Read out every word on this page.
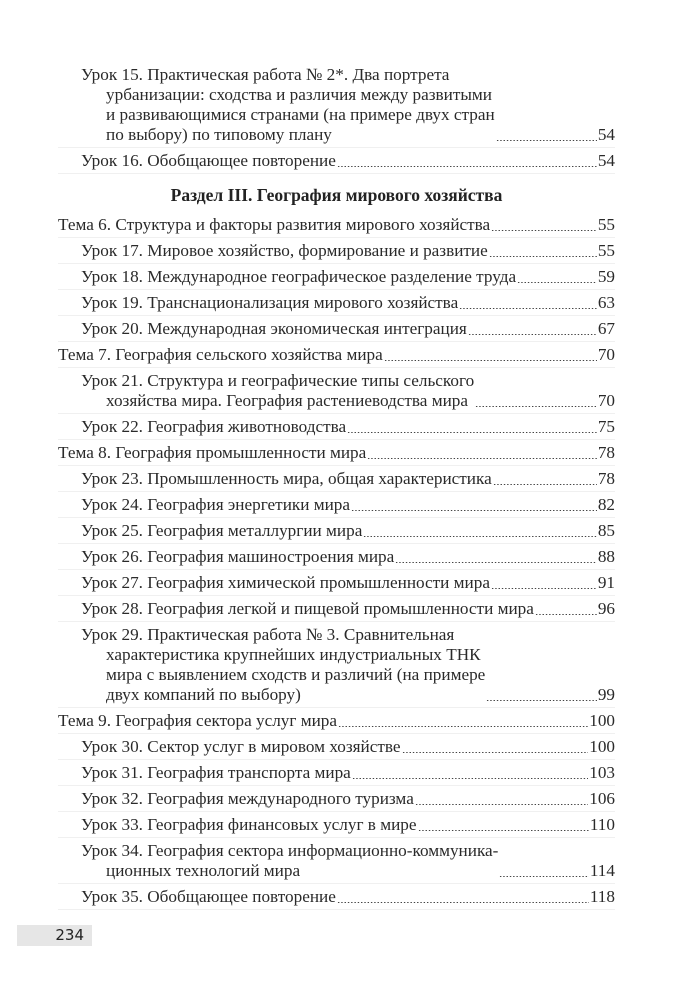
Урок 15. Практическая работа № 2*. Два портрета
урбанизации: сходства и различия между развитыми
и развивающимися странами (на примере двух стран
по выбору) по типовому плану	54
Урок 16. Обобщающее повторение	54
Раздел III. География мирового хозяйства
Тема 6. Структура и факторы развития мирового хозяйства	55
Урок 17. Мировое хозяйство, формирование и развитие	55
Урок 18. Международное географическое разделение труда	59
Урок 19. Транснационализация мирового хозяйства	63
Урок 20. Международная экономическая интеграция	67
Тема 7. География сельского хозяйства мира	70
Урок 21. Структура и географические типы сельского
хозяйства мира. География растениеводства мира	70
Урок 22. География животноводства	75
Тема 8. География промышленности мира	78
Урок 23. Промышленность мира, общая характеристика	78
Урок 24. География энергетики мира	82
Урок 25. География металлургии мира	85
Урок 26. География машиностроения мира	88
Урок 27. География химической промышленности мира	91
Урок 28. География легкой и пищевой промышленности мира	96
Урок 29. Практическая работа № 3. Сравнительная
характеристика крупнейших индустриальных ТНК
мира с выявлением сходств и различий (на примере
двух компаний по выбору)	99
Тема 9. География сектора услуг мира	100
Урок 30. Сектор услуг в мировом хозяйстве	100
Урок 31. География транспорта мира	103
Урок 32. География международного туризма	106
Урок 33. География финансовых услуг в мире	110
Урок 34. География сектора информационно-коммуника-
ционных технологий мира	114
Урок 35. Обобщающее повторение	118
234
